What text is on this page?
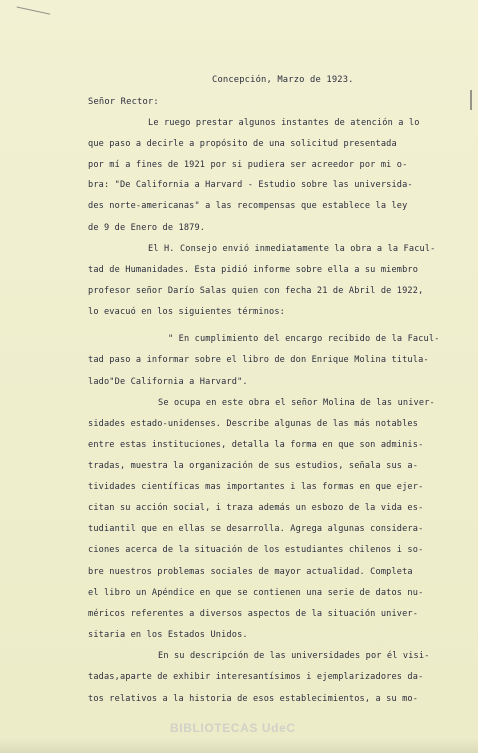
Concepción, Marzo de 1923.
Señor Rector:
Le ruego prestar algunos instantes de atención a lo
que paso a decirle a propósito de una solicitud presentada
por mí a fines de 1921 por si pudiera ser acreedor por mi o-
bra: "De California a Harvard - Estudio sobre las universida-
des norte-americanas" a las recompensas que establece la ley
de 9 de Enero de 1879.
El H. Consejo envió inmediatamente la obra a la Facul-
tad de Humanidades. Esta pidió informe sobre ella a su miembro
profesor señor Darío Salas quien con fecha 21 de Abril de 1922,
lo evacuó en los siguientes términos:
" En cumplimiento del encargo recibido de la Facul-
tad paso a informar sobre el libro de don Enrique Molina titula-
lado"De California a Harvard".
Se ocupa en este obra el señor Molina de las univer-
sidades estado-unidenses. Describe algunas de las más notables
entre estas instituciones, detalla la forma en que son adminis-
tradas, muestra la organización de sus estudios, señala sus a-
tividades científicas mas importantes i las formas en que ejer-
citan su acción social, i traza además un esbozo de la vida es-
tudiantil que en ellas se desarrolla. Agrega algunas considera-
ciones acerca de la situación de los estudiantes chilenos i so-
bre nuestros problemas sociales de mayor actualidad. Completa
el libro un Apéndice en que se contienen una serie de datos nu-
méricos referentes a diversos aspectos de la situación univer-
sitaria en los Estados Unidos.
En su descripción de las universidades por él visi-
tadas,aparte de exhibir interesantísimos i ejemplarizadores da-
tos relativos a la historia de esos establecimientos, a su mo-
BIBLIOTECAS UdeC
